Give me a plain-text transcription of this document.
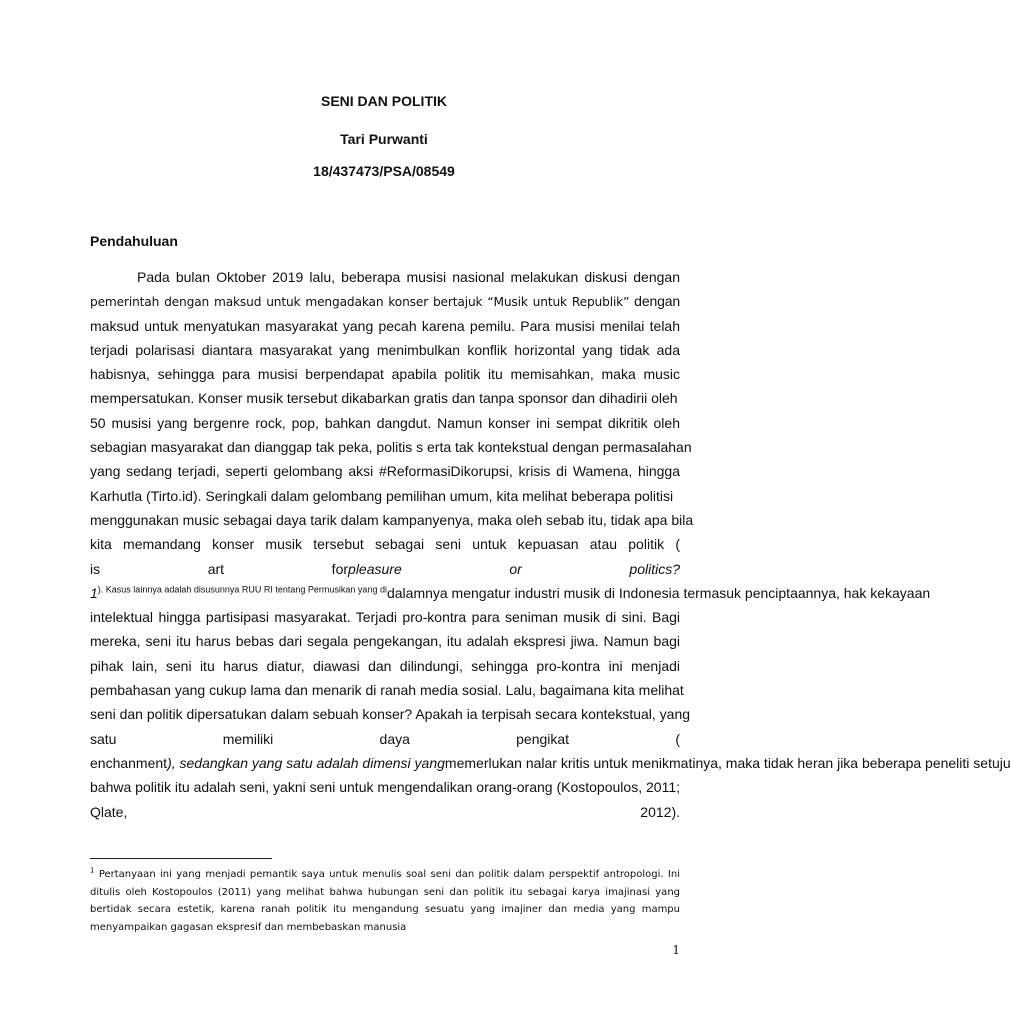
SENI DAN POLITIK
Tari Purwanti
18/437473/PSA/08549
Pendahuluan
Pada bulan Oktober 2019 lalu, beberapa musisi nasional melakukan diskusi dengan
pemerintah dengan maksud untuk mengadakan konser bertajuk “Musik untuk Republik” dengan
maksud untuk menyatukan masyarakat yang pecah karena pemilu. Para musisi menilai telah
terjadi polarisasi diantara masyarakat yang menimbulkan konflik horizontal yang tidak ada
habisnya, sehingga para musisi berpendapat apabila politik itu memisahkan, maka music
mempersatukan. Konser musik tersebut dikabarkan gratis dan tanpa sponsor dan dihadirii oleh
50 musisi yang bergenre rock, pop, bahkan dangdut. Namun konser ini sempat dikritik oleh
sebagian masyarakat dan dianggap tak peka, politis s erta tak kontekstual dengan permasalahan
yang sedang terjadi, seperti gelombang aksi #ReformasiDikorupsi, krisis di Wamena, hingga
Karhutla (Tirto.id). Seringkali dalam gelombang pemilihan umum, kita melihat beberapa politisi
menggunakan music sebagai daya tarik dalam kampanyenya, maka oleh sebab itu, tidak apa bila
kita memandang konser musik tersebut sebagai seni untuk kepuasan atau politik (
is art forpleasure or politics?
1$^{). Kasus lainnya adalah disusunnya RUU RI tentang Permusikan yang di}$dalamnya mengatur industri musik di Indonesia termasuk penciptaannya, hak kekayaan
intelektual hingga partisipasi masyarakat. Terjadi pro-kontra para seniman musik di sini. Bagi
mereka, seni itu harus bebas dari segala pengekangan, itu adalah ekspresi jiwa. Namun bagi
pihak lain, seni itu harus diatur, diawasi dan dilindungi, sehingga pro-kontra ini menjadi
pembahasan yang cukup lama dan menarik di ranah media sosial. Lalu, bagaimana kita melihat
seni dan politik dipersatukan dalam sebuah konser? Apakah ia terpisah secara kontekstual, yang
satu memiliki daya pengikat (
enchanment), sedangkan yang satu adalah dimensi yangmemerlukan nalar kritis untuk menikmatinya, maka tidak heran jika beberapa peneliti setuju
bahwa politik itu adalah seni, yakni seni untuk mengendalikan orang-orang (Kostopoulos, 2011;
Qlate, 2012).
$^1$ Pertanyaan ini yang menjadi pemantik saya untuk menulis soal seni dan politik dalam perspektif antropologi. Ini
ditulis oleh Kostopoulos (2011) yang melihat bahwa hubungan seni dan politik itu sebagai karya imajinasi yang
bertidak secara estetik, karena ranah politik itu mengandung sesuatu yang imajiner dan media yang mampu
menyampaikan gagasan ekspresif dan membebaskan manusia
1
